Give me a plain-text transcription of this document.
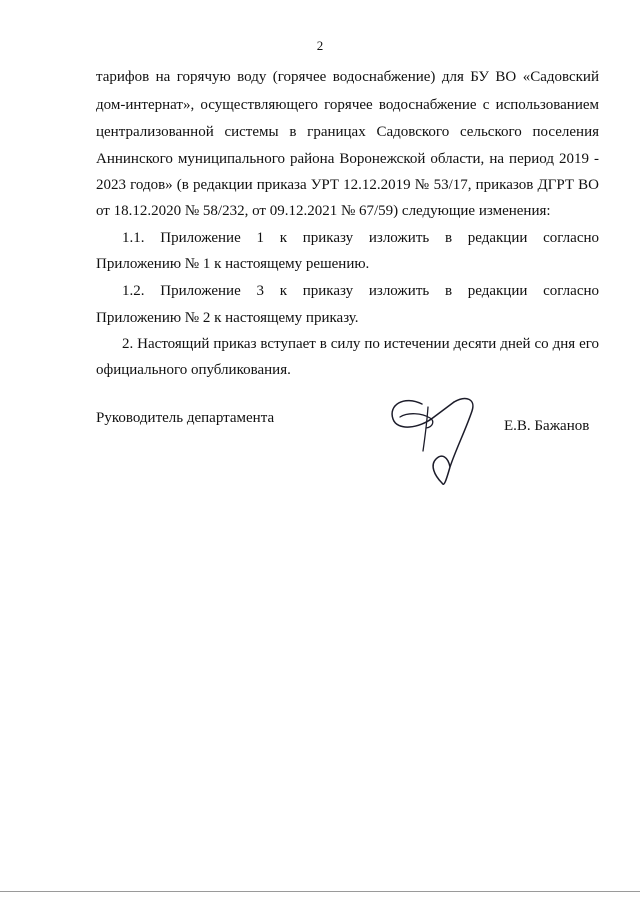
2
тарифов на горячую воду (горячее водоснабжение) для БУ ВО «Садовский
дом-интернат», осуществляющего горячее водоснабжение с использованием
централизованной системы в границах Садовского сельского поселения
Аннинского муниципального района Воронежской области, на период 2019 -
2023 годов» (в редакции приказа УРТ 12.12.2019 № 53/17, приказов ДГРТ ВО
от 18.12.2020 № 58/232, от 09.12.2021 № 67/59) следующие изменения:
1.1. Приложение 1 к приказу изложить в редакции согласно
Приложению № 1 к настоящему решению.
1.2. Приложение 3 к приказу изложить в редакции согласно
Приложению № 2 к настоящему приказу.
2. Настоящий приказ вступает в силу по истечении десяти дней со дня его
официального опубликования.
Руководитель департамента	Е.В. Бажанов
